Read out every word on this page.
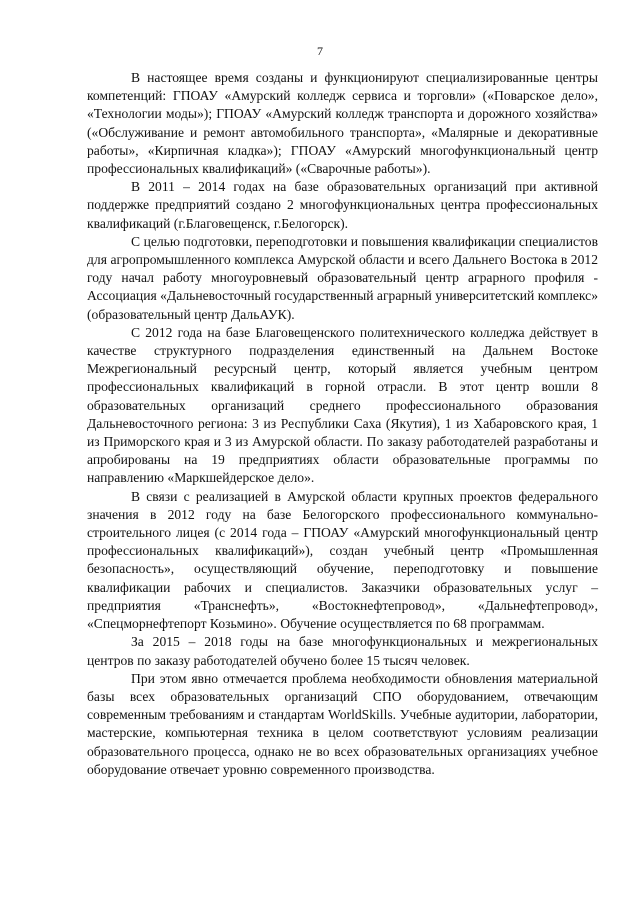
7

В настоящее время созданы и функционируют специализированные центры компетенций: ГПОАУ «Амурский колледж сервиса и торговли» («Поварское дело», «Технологии моды»); ГПОАУ «Амурский колледж транспорта и дорожного хозяйства» («Обслуживание и ремонт автомобильного транспорта», «Малярные и декоративные работы», «Кирпичная кладка»); ГПОАУ «Амурский многофункциональный центр профессиональных квалификаций» («Сварочные работы»).

В 2011 – 2014 годах на базе образовательных организаций при активной поддержке предприятий создано 2 многофункциональных центра профессиональных квалификаций (г.Благовещенск, г.Белогорск).

С целью подготовки, переподготовки и повышения квалификации специалистов для агропромышленного комплекса Амурской области и всего Дальнего Востока в 2012 году начал работу многоуровневый образовательный центр аграрного профиля - Ассоциация «Дальневосточный государственный аграрный университетский комплекс» (образовательный центр ДальАУК).

С 2012 года на базе Благовещенского политехнического колледжа действует в качестве структурного подразделения единственный на Дальнем Востоке Межрегиональный ресурсный центр, который является учебным центром профессиональных квалификаций в горной отрасли. В этот центр вошли 8 образовательных организаций среднего профессионального образования Дальневосточного региона: 3 из Республики Саха (Якутия), 1 из Хабаровского края, 1 из Приморского края и 3 из Амурской области. По заказу работодателей разработаны и апробированы на 19 предприятиях области образовательные программы по направлению «Маркшейдерское дело».

В связи с реализацией в Амурской области крупных проектов федерального значения в 2012 году на базе Белогорского профессионального коммунально-строительного лицея (с 2014 года – ГПОАУ «Амурский многофункциональный центр профессиональных квалификаций»), создан учебный центр «Промышленная безопасность», осуществляющий обучение, переподготовку и повышение квалификации рабочих и специалистов. Заказчики образовательных услуг – предприятия «Транснефть», «Востокнефтепровод», «Дальнефтепровод», «Спецморнефтепорт Козьмино». Обучение осуществляется по 68 программам.

За 2015 – 2018 годы на базе многофункциональных и межрегиональных центров по заказу работодателей обучено более 15 тысяч человек.

При этом явно отмечается проблема необходимости обновления материальной базы всех образовательных организаций СПО оборудованием, отвечающим современным требованиям и стандартам WorldSkills. Учебные аудитории, лаборатории, мастерские, компьютерная техника в целом соответствуют условиям реализации образовательного процесса, однако не во всех образовательных организациях учебное оборудование отвечает уровню современного производства.
